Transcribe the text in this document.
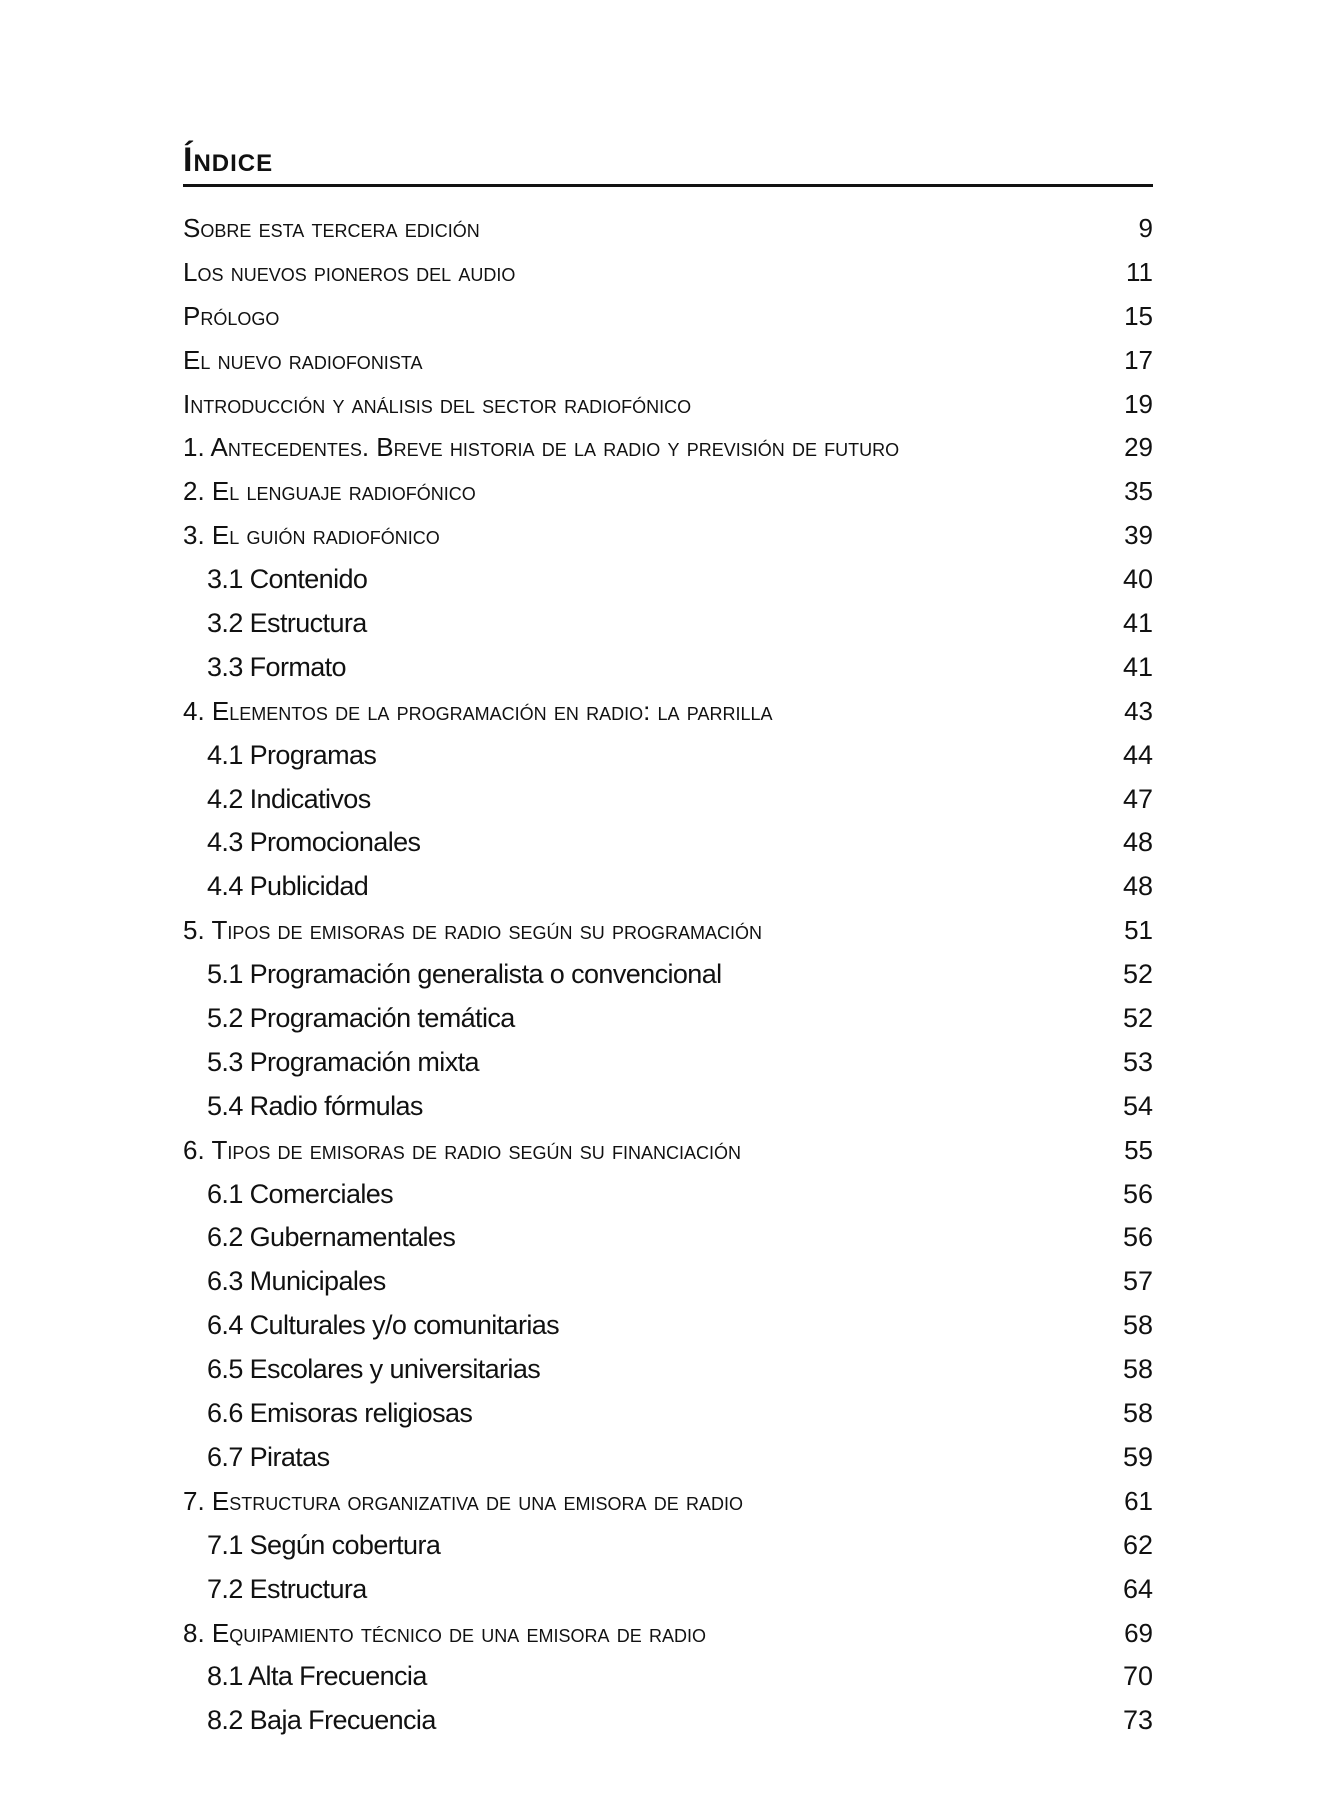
Índice
Sobre esta tercera edición	9
Los nuevos pioneros del audio	11
Prólogo	15
El nuevo radiofonista	17
Introducción y análisis del sector radiofónico	19
1. Antecedentes. Breve historia de la radio y previsión de futuro	29
2. El lenguaje radiofónico	35
3. El guión radiofónico	39
3.1 Contenido	40
3.2 Estructura	41
3.3 Formato	41
4. Elementos de la programación en radio: la parrilla	43
4.1 Programas	44
4.2 Indicativos	47
4.3 Promocionales	48
4.4 Publicidad	48
5. Tipos de emisoras de radio según su programación	51
5.1 Programación generalista o convencional	52
5.2 Programación temática	52
5.3 Programación mixta	53
5.4 Radio fórmulas	54
6. Tipos de emisoras de radio según su financiación	55
6.1 Comerciales	56
6.2 Gubernamentales	56
6.3 Municipales	57
6.4 Culturales y/o comunitarias	58
6.5 Escolares y universitarias	58
6.6 Emisoras religiosas	58
6.7 Piratas	59
7. Estructura organizativa de una emisora de radio	61
7.1 Según cobertura	62
7.2 Estructura	64
8. Equipamiento técnico de una emisora de radio	69
8.1 Alta Frecuencia	70
8.2 Baja Frecuencia	73
